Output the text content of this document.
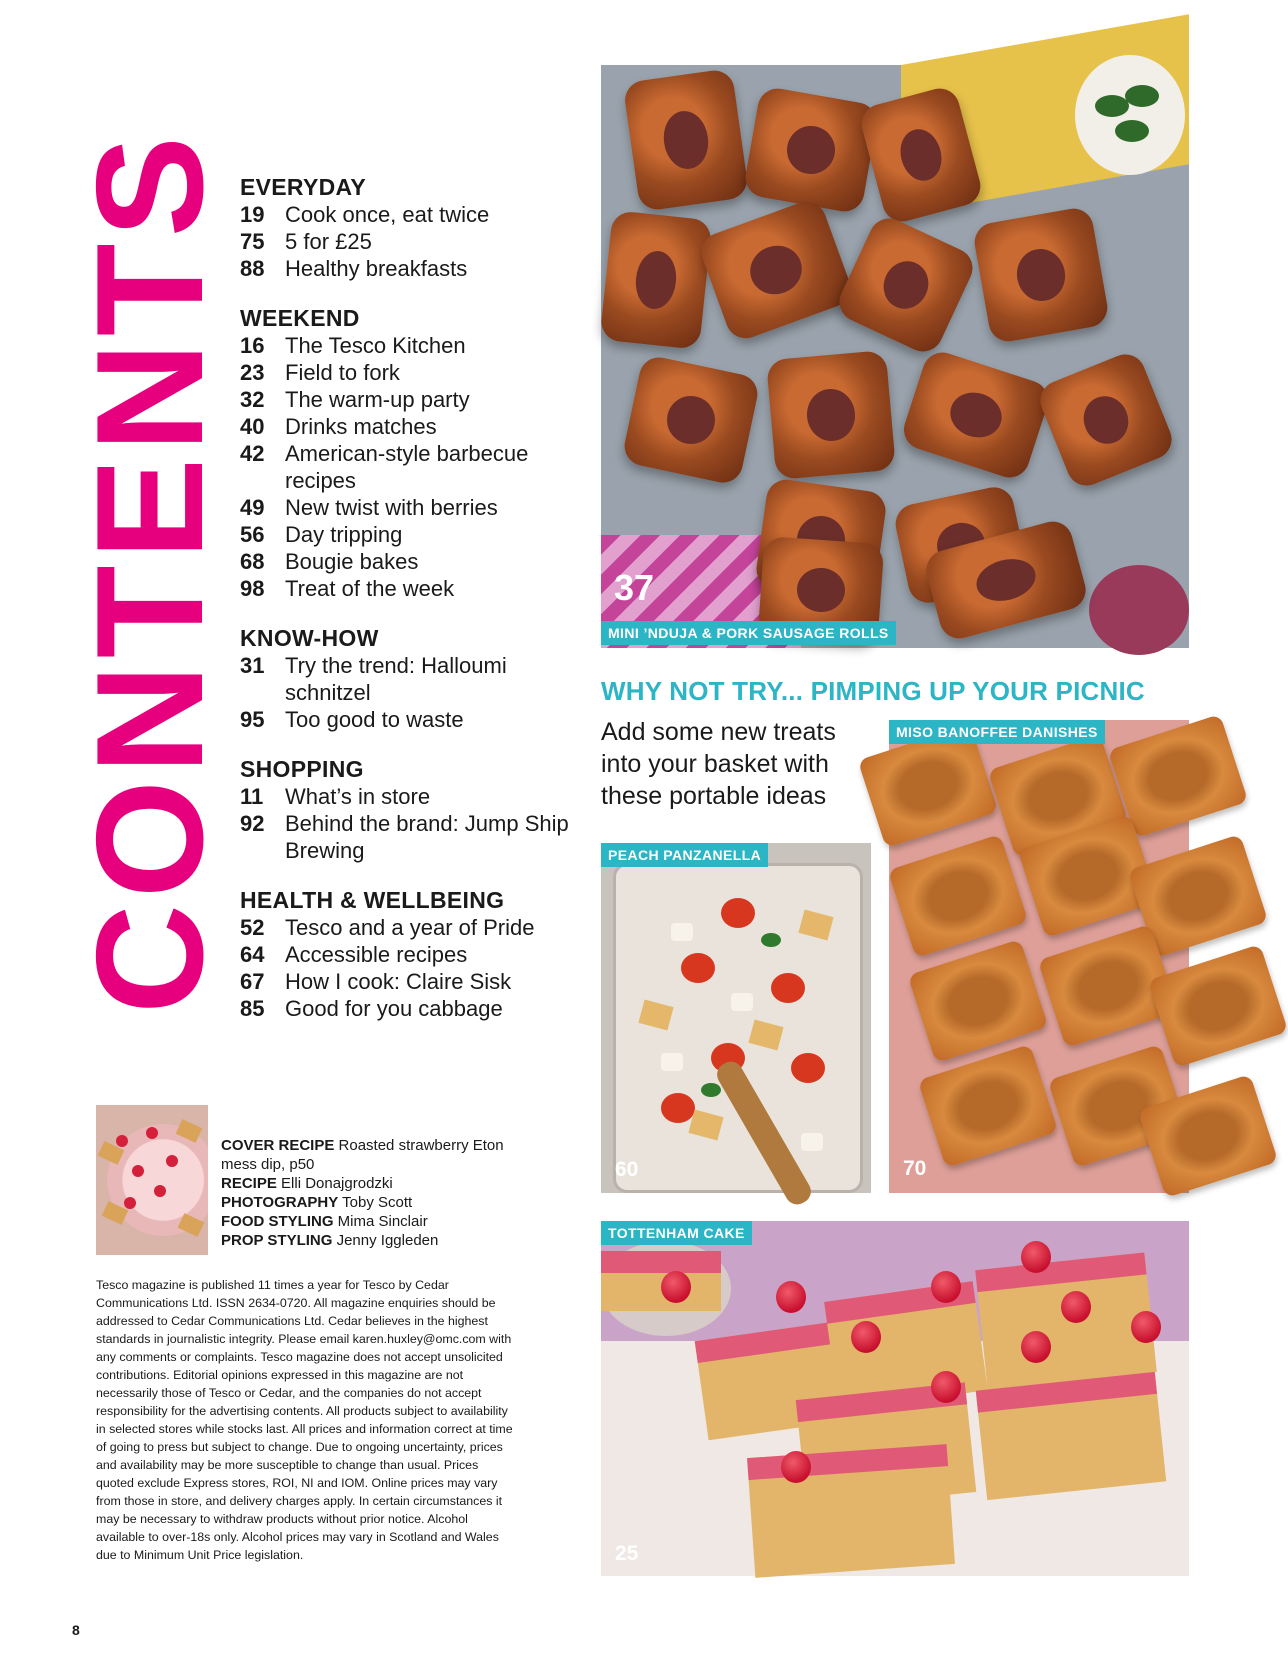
CONTENTS EVERYDAY
19 Cook once, eat twice
75 5 for £25
88 Healthy breakfasts
WEEKEND
16 The Tesco Kitchen
23 Field to fork
32 The warm-up party
40 Drinks matches
42 American-style barbecue recipes
49 New twist with berries
56 Day tripping
68 Bougie bakes
98 Treat of the week
KNOW-HOW
31 Try the trend: Halloumi schnitzel
95 Too good to waste
SHOPPING
11 What’s in store
92 Behind the brand: Jump Ship Brewing
HEALTH & WELLBEING
52 Tesco and a year of Pride
64 Accessible recipes
67 How I cook: Claire Sisk
85 Good for you cabbage
COVER RECIPE Roasted strawberry Eton mess dip, p50
RECIPE Elli Donajgrodzki
PHOTOGRAPHY Toby Scott
FOOD STYLING Mima Sinclair
PROP STYLING Jenny Iggleden

Tesco magazine is published 11 times a year for Tesco by Cedar Communications Ltd. ISSN 2634-0720. All magazine enquiries should be addressed to Cedar Communications Ltd. Cedar believes in the highest standards in journalistic integrity. Please email karen.huxley@omc.com with any comments or complaints. Tesco magazine does not accept unsolicited contributions. Editorial opinions expressed in this magazine are not necessarily those of Tesco or Cedar, and the companies do not accept responsibility for the advertising contents. All products subject to availability in selected stores while stocks last. All prices and information correct at time of going to press but subject to change. Due to ongoing uncertainty, prices and availability may be more susceptible to change than usual. Prices quoted exclude Express stores, ROI, NI and IOM. Online prices may vary from those in store, and delivery charges apply. In certain circumstances it may be necessary to withdraw products without prior notice. Alcohol available to over-18s only. Alcohol prices may vary in Scotland and Wales due to Minimum Unit Price legislation.
8
37
MINI ’NDUJA & PORK SAUSAGE ROLLS
WHY NOT TRY... PIMPING UP YOUR PICNIC
Add some new treats into your basket with these portable ideas
70
MISO BANOFFEE DANISHES
60
PEACH PANZANELLA
25
TOTTENHAM CAKE
